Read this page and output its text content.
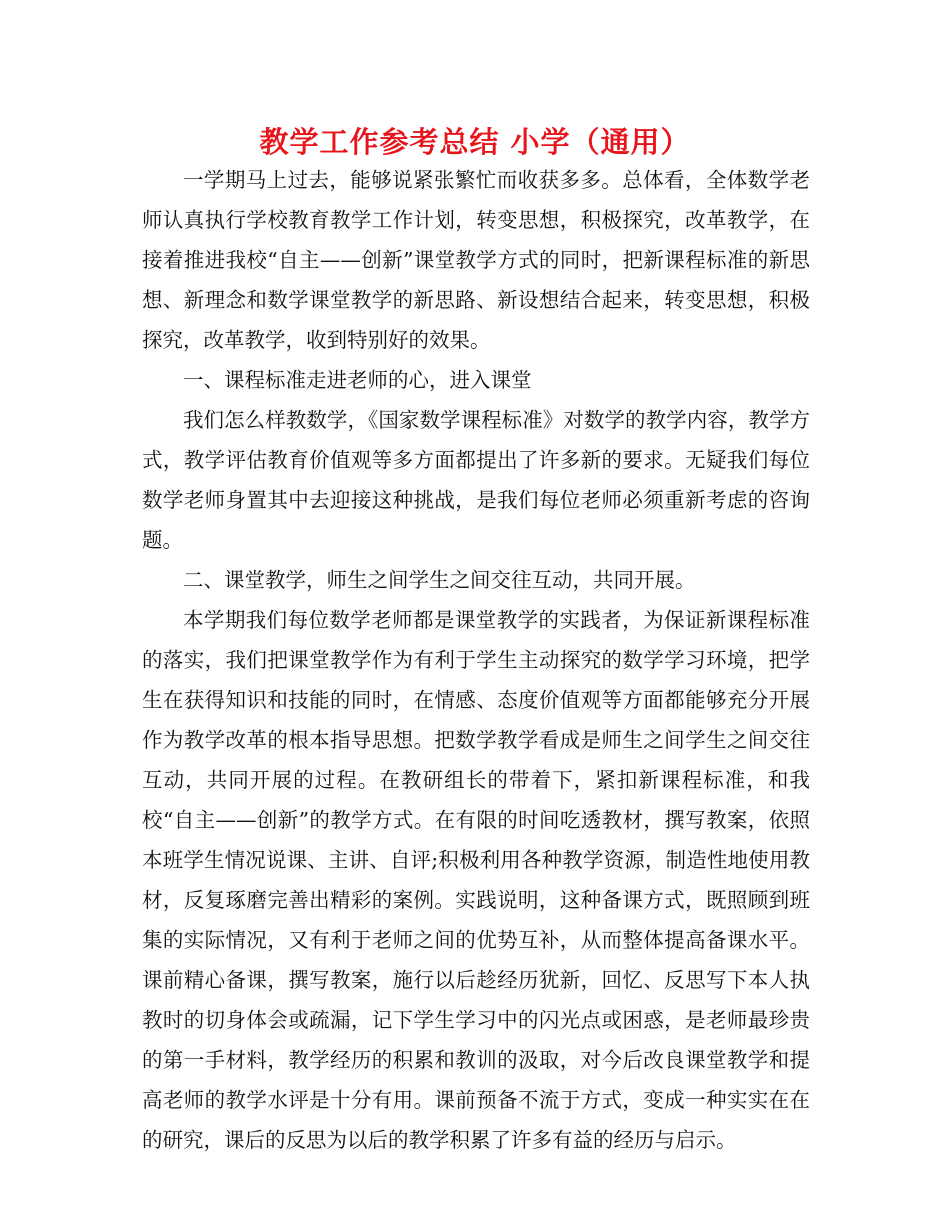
教学工作参考总结 小学（通用）

一学期马上过去，能够说紧张繁忙而收获多多。总体看，全体数学老师认真执行学校教育教学工作计划，转变思想，积极探究，改革教学，在接着推进我校“自主——创新”课堂教学方式的同时，把新课程标准的新思想、新理念和数学课堂教学的新思路、新设想结合起来，转变思想，积极探究，改革教学，收到特别好的效果。

一、课程标准走进老师的心，进入课堂

我们怎么样教数学，《国家数学课程标准》对数学的教学内容，教学方式，教学评估教育价值观等多方面都提出了许多新的要求。无疑我们每位数学老师身置其中去迎接这种挑战，是我们每位老师必须重新考虑的咨询题。

二、课堂教学，师生之间学生之间交往互动，共同开展。

本学期我们每位数学老师都是课堂教学的实践者，为保证新课程标准的落实，我们把课堂教学作为有利于学生主动探究的数学学习环境，把学生在获得知识和技能的同时，在情感、态度价值观等方面都能够充分开展作为教学改革的根本指导思想。把数学教学看成是师生之间学生之间交往互动，共同开展的过程。在教研组长的带着下，紧扣新课程标准，和我校“自主——创新”的教学方式。在有限的时间吃透教材，撰写教案，依照本班学生情况说课、主讲、自评;积极利用各种教学资源，制造性地使用教材，反复琢磨完善出精彩的案例。实践说明，这种备课方式，既照顾到班集的实际情况，又有利于老师之间的优势互补，从而整体提高备课水平。课前精心备课，撰写教案，施行以后趁经历犹新，回忆、反思写下本人执教时的切身体会或疏漏，记下学生学习中的闪光点或困惑，是老师最珍贵的第一手材料，教学经历的积累和教训的汲取，对今后改良课堂教学和提高老师的教学水评是十分有用。课前预备不流于方式，变成一种实实在在的研究，课后的反思为以后的教学积累了许多有益的经历与启示。
